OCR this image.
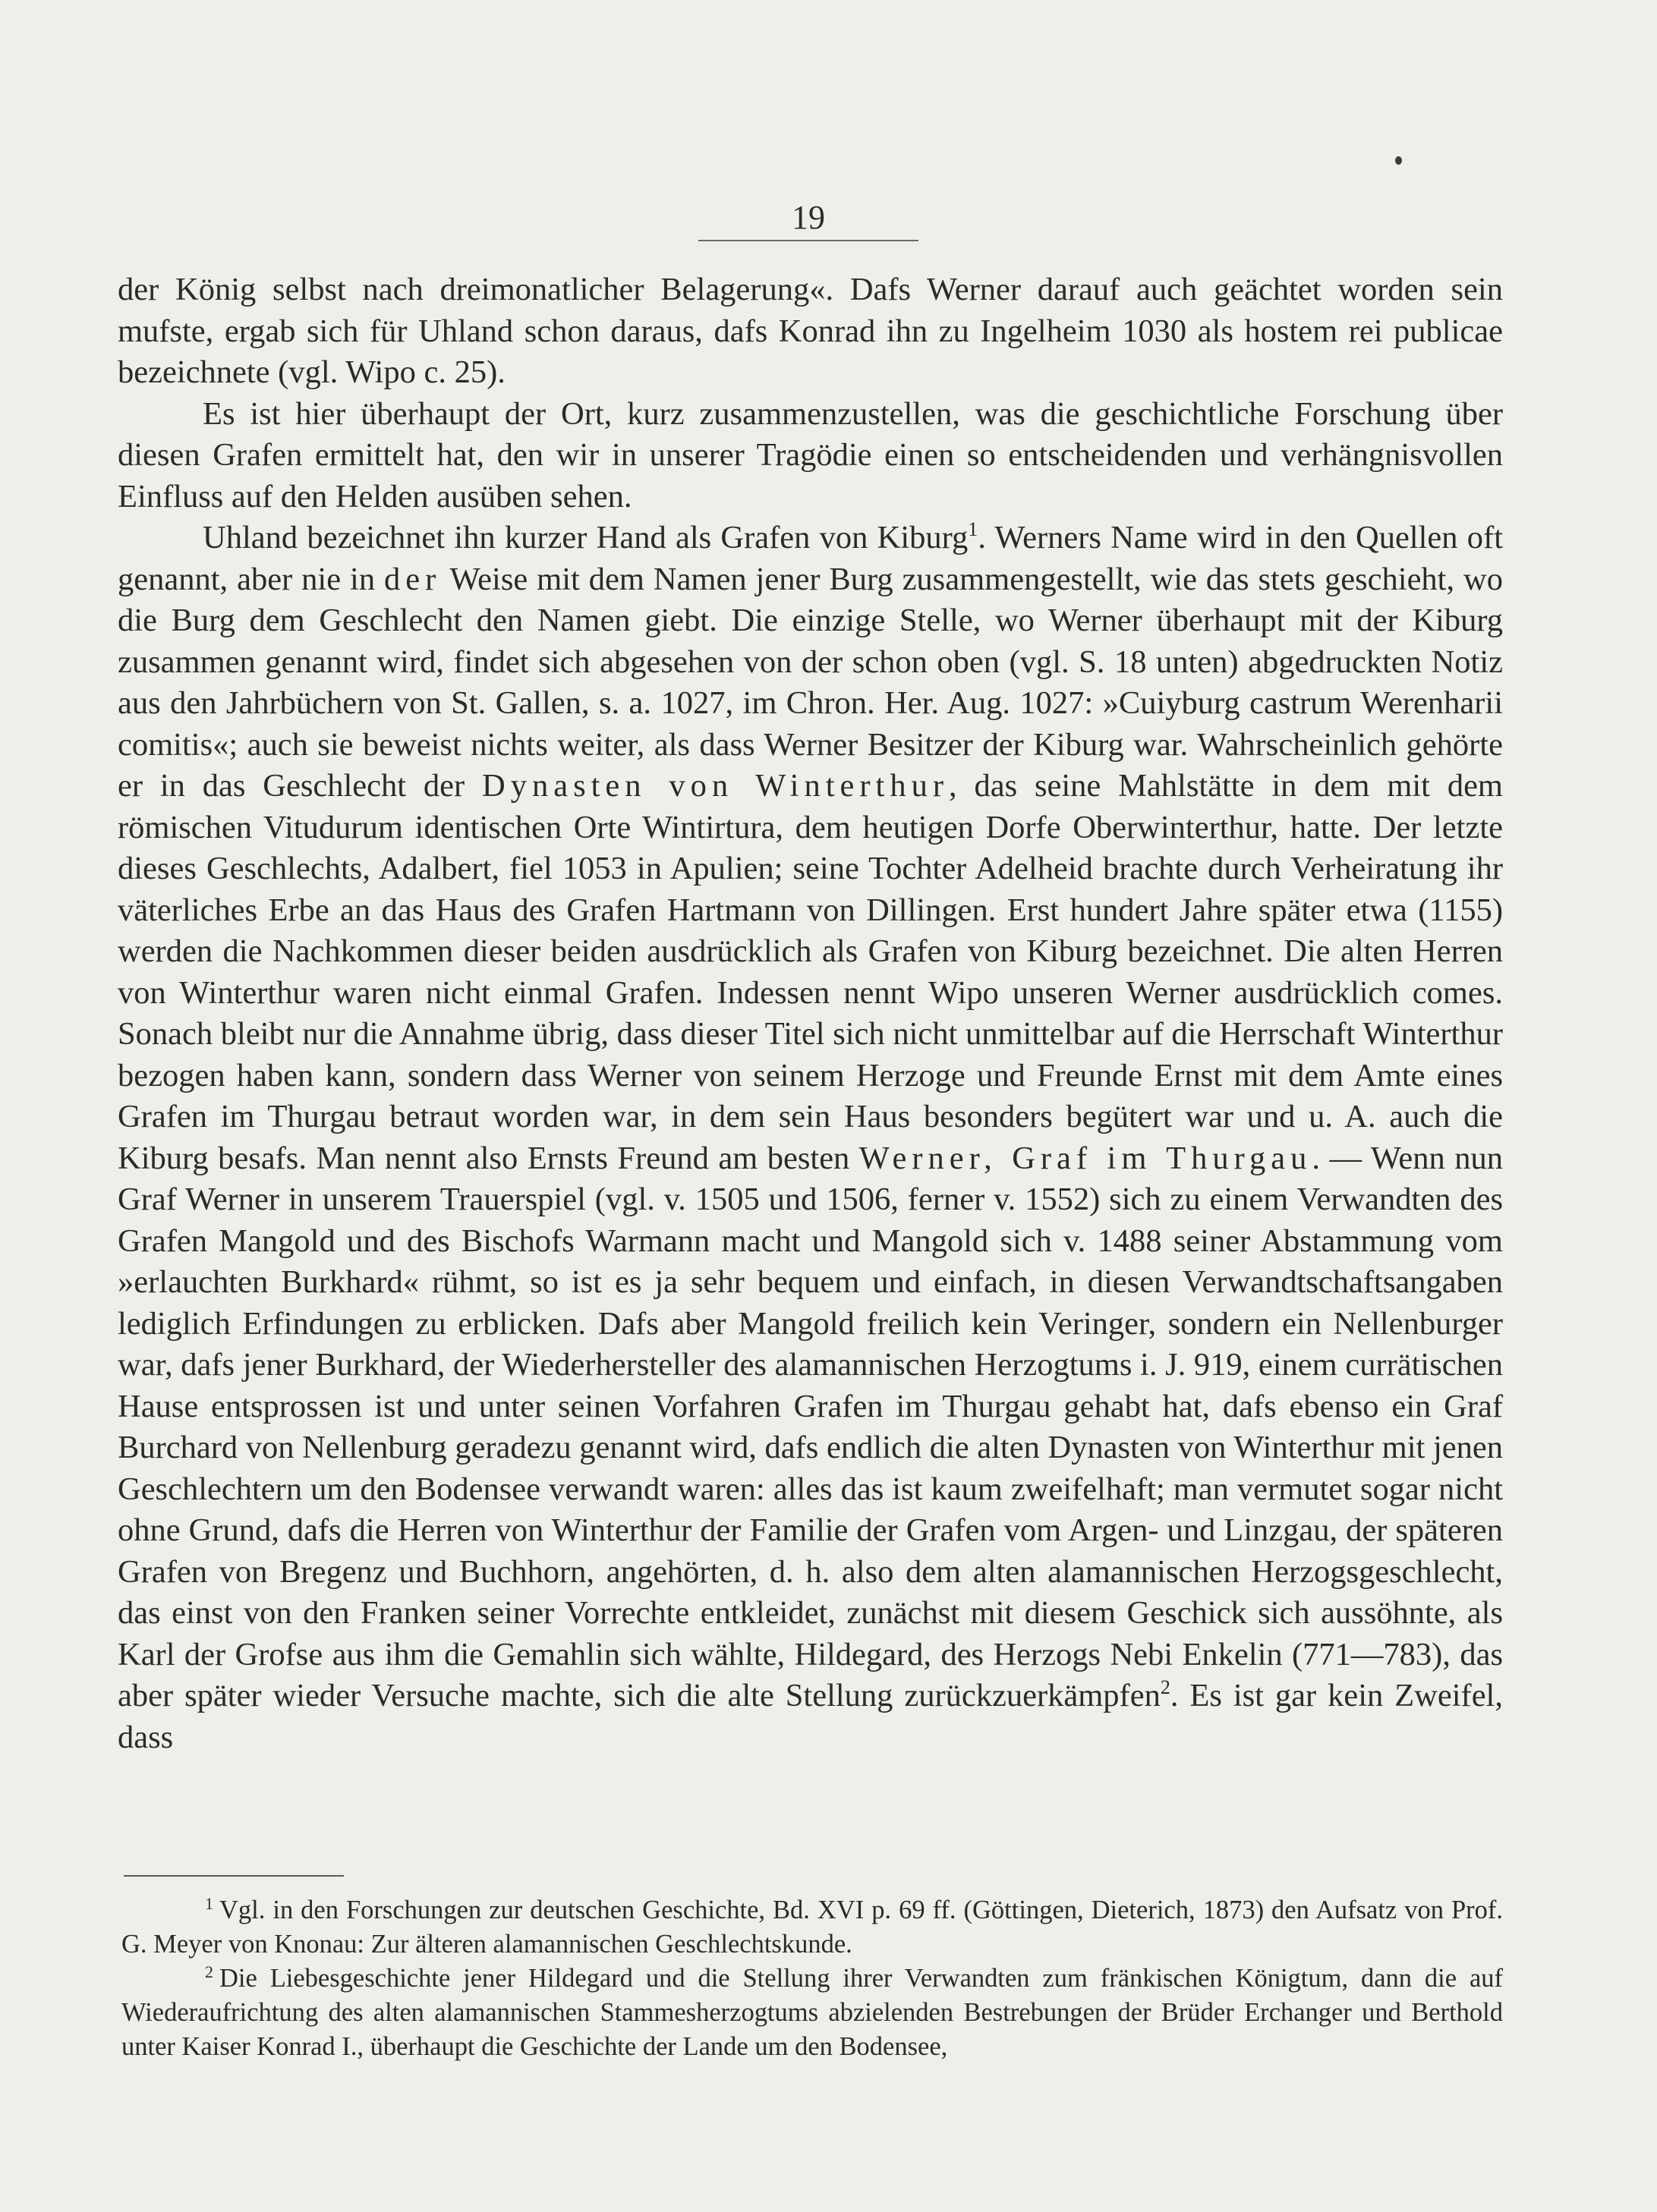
19

der König selbst nach dreimonatlicher Belagerung«. Dafs Werner darauf auch geächtet worden sein mufste, ergab sich für Uhland schon daraus, dafs Konrad ihn zu Ingelheim 1030 als hostem rei publicae bezeichnete (vgl. Wipo c. 25).

Es ist hier überhaupt der Ort, kurz zusammenzustellen, was die geschichtliche Forschung über diesen Grafen ermittelt hat, den wir in unserer Tragödie einen so entscheidenden und verhängnisvollen Einfluss auf den Helden ausüben sehen.

Uhland bezeichnet ihn kurzer Hand als Grafen von Kiburg$^1$. Werners Name wird in den Quellen oft genannt, aber nie in der Weise mit dem Namen jener Burg zusammengestellt, wie das stets geschieht, wo die Burg dem Geschlecht den Namen giebt. Die einzige Stelle, wo Werner überhaupt mit der Kiburg zusammen genannt wird, findet sich abgesehen von der schon oben (vgl. S. 18 unten) abgedruckten Notiz aus den Jahrbüchern von St. Gallen, s. a. 1027, im Chron. Her. Aug. 1027: »Cuiyburg castrum Werenharii comitis«; auch sie beweist nichts weiter, als dass Werner Besitzer der Kiburg war. Wahrscheinlich gehörte er in das Geschlecht der Dynasten von Winterthur, das seine Mahlstätte in dem mit dem römischen Vitudurum identischen Orte Wintirtura, dem heutigen Dorfe Oberwinterthur, hatte. Der letzte dieses Geschlechts, Adalbert, fiel 1053 in Apulien; seine Tochter Adelheid brachte durch Verheiratung ihr väterliches Erbe an das Haus des Grafen Hartmann von Dillingen. Erst hundert Jahre später etwa (1155) werden die Nachkommen dieser beiden ausdrücklich als Grafen von Kiburg bezeichnet. Die alten Herren von Winterthur waren nicht einmal Grafen. Indessen nennt Wipo unseren Werner ausdrücklich comes. Sonach bleibt nur die Annahme übrig, dass dieser Titel sich nicht unmittelbar auf die Herrschaft Winterthur bezogen haben kann, sondern dass Werner von seinem Herzoge und Freunde Ernst mit dem Amte eines Grafen im Thurgau betraut worden war, in dem sein Haus besonders begütert war und u. A. auch die Kiburg besafs. Man nennt also Ernsts Freund am besten Werner, Graf im Thurgau. — Wenn nun Graf Werner in unserem Trauerspiel (vgl. v. 1505 und 1506, ferner v. 1552) sich zu einem Verwandten des Grafen Mangold und des Bischofs Warmann macht und Mangold sich v. 1488 seiner Abstammung vom »erlauchten Burkhard« rühmt, so ist es ja sehr bequem und einfach, in diesen Verwandtschaftsangaben lediglich Erfindungen zu erblicken. Dafs aber Mangold freilich kein Veringer, sondern ein Nellenburger war, dafs jener Burkhard, der Wiederhersteller des alamannischen Herzogtums i. J. 919, einem currätischen Hause entsprossen ist und unter seinen Vorfahren Grafen im Thurgau gehabt hat, dafs ebenso ein Graf Burchard von Nellenburg geradezu genannt wird, dafs endlich die alten Dynasten von Winterthur mit jenen Geschlechtern um den Bodensee verwandt waren: alles das ist kaum zweifelhaft; man vermutet sogar nicht ohne Grund, dafs die Herren von Winterthur der Familie der Grafen vom Argen- und Linzgau, der späteren Grafen von Bregenz und Buchhorn, angehörten, d. h. also dem alten alamannischen Herzogsgeschlecht, das einst von den Franken seiner Vorrechte entkleidet, zunächst mit diesem Geschick sich aussöhnte, als Karl der Grofse aus ihm die Gemahlin sich wählte, Hildegard, des Herzogs Nebi Enkelin (771—783), das aber später wieder Versuche machte, sich die alte Stellung zurückzuerkämpfen$^2$. Es ist gar kein Zweifel, dass

$^1$ Vgl. in den Forschungen zur deutschen Geschichte, Bd. XVI p. 69 ff. (Göttingen, Dieterich, 1873) den Aufsatz von Prof. G. Meyer von Knonau: Zur älteren alamannischen Geschlechtskunde.

$^2$ Die Liebesgeschichte jener Hildegard und die Stellung ihrer Verwandten zum fränkischen Königtum, dann die auf Wiederaufrichtung des alten alamannischen Stammesherzogtums abzielenden Bestrebungen der Brüder Erchanger und Berthold unter Kaiser Konrad I., überhaupt die Geschichte der Lande um den Bodensee,
